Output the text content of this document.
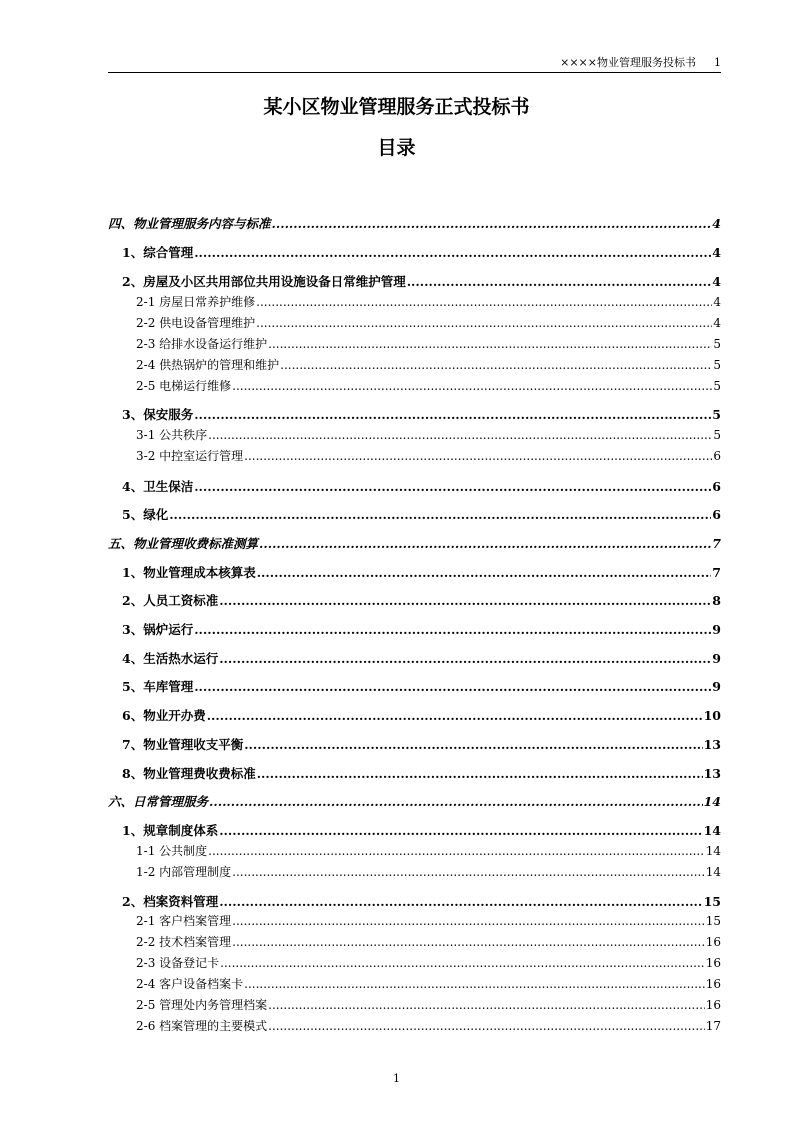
××××物业管理服务投标书 1
某小区物业管理服务正式投标书
目录
四、物业管理服务内容与标准 .....	4
1、综合管理 .....	4
2、房屋及小区共用部位共用设施设备日常维护管理 .....	4
2-1 房屋日常养护维修 .....	4
2-2 供电设备管理维护 .....	4
2-3 给排水设备运行维护 .....	5
2-4 供热锅炉的管理和维护 .....	5
2-5 电梯运行维修 .....	5
3、保安服务 .....	5
3-1 公共秩序 .....	5
3-2 中控室运行管理 .....	6
4、卫生保洁 .....	6
5、绿化 .....	6
五、物业管理收费标准测算 .....	7
1、物业管理成本核算表 .....	7
2、人员工资标准 .....	8
3、锅炉运行 .....	9
4、生活热水运行 .....	9
5、车库管理 .....	9
6、物业开办费 .....	10
7、物业管理收支平衡 .....	13
8、物业管理费收费标准 .....	13
六、日常管理服务 .....	14
1、规章制度体系 .....	14
1-1 公共制度 .....	14
1-2 内部管理制度 .....	14
2、档案资料管理 .....	15
2-1 客户档案管理 .....	15
2-2 技术档案管理 .....	16
2-3 设备登记卡 .....	16
2-4 客户设备档案卡 .....	16
2-5 管理处内务管理档案 .....	16
2-6 档案管理的主要模式 .....	17
1
